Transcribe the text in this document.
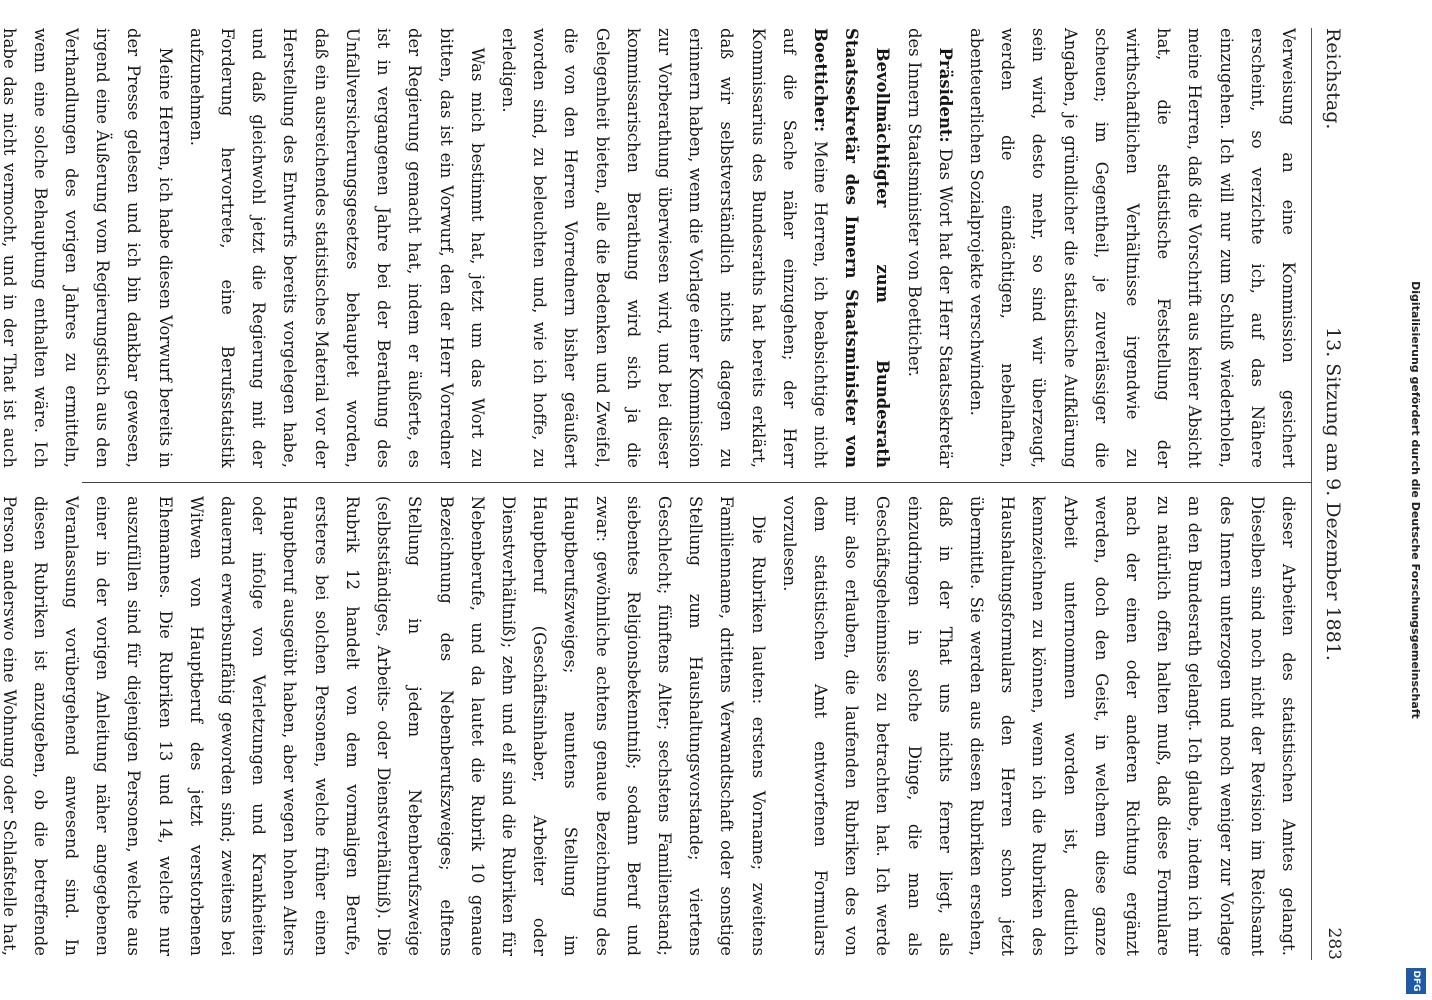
Digitalisierung gefördert durch die Deutsche Forschungsgemeinschaft
DFG
Reichstag.
13. Sitzung am 9. Dezember 1881.
283

Verweisung an eine Kommission gesichert erscheint, so verzichte ich, auf das Nähere einzugehen. Ich will nur zum Schluß wiederholen, meine Herren, daß die Vorschrift aus keiner Absicht hat, die statistische Feststellung der wirthschaftlichen Verhältnisse irgendwie zu scheuen; im Gegentheil, je zuverlässiger die Angaben, je gründlicher die statistische Aufklärung sein wird, desto mehr, so sind wir überzeugt, werden die eindächtigen, nebelhaften, abenteuerlichen Sozialprojekte verschwinden.

Präsident: Das Wort hat der Herr Staatssekretär des Innern Staatsminister von Boetticher.

Bevollmächtigter zum Bundesrath Staatssekretär des Innern Staatsminister von Boetticher: Meine Herren, ich beabsichtige nicht auf die Sache näher einzugehen; der Herr Kommissarius des Bundesraths hat bereits erklärt, daß wir selbstverständlich nichts dagegen zu erinnern haben, wenn die Vorlage einer Kommission zur Vorberathung überwiesen wird, und bei dieser kommissarischen Berathung wird sich ja die Gelegenheit bieten, alle die Bedenken und Zweifel, die von den Herren Vorrednern bisher geäußert worden sind, zu beleuchten und, wie ich hoffe, zu erledigen.

Was mich bestimmt hat, jetzt um das Wort zu bitten, das ist ein Vorwurf, den der Herr Vorredner der Regierung gemacht hat, indem er äußerte, es ist in vergangenen Jahre bei der Berathung des Unfallversicherungsgesetzes behauptet worden, daß ein ausreichendes statistisches Material vor der Herstellung des Entwurfs bereits vorgelegen habe, und daß gleichwohl jetzt die Regierung mit der Forderung hervortrete, eine Berufsstatistik aufzunehmen.

Meine Herren, ich habe diesen Vorwurf bereits in der Presse gelesen und ich bin dankbar gewesen, irgend eine Äußerung vom Regierungstisch aus den Verhandlungen des vorigen Jahres zu ermitteln, wenn eine solche Behauptung enthalten wäre. Ich habe das nicht vermocht, und in der That ist auch

dieser Arbeiten des statistischen Amtes gelangt. Dieselben sind noch nicht der Revision im Reichsamt des Innern unterzogen und noch weniger zur Vorlage an den Bundesrath gelangt. Ich glaube, indem ich mir zu natürlich offen halten muß, daß diese Formulare nach der einen oder anderen Richtung ergänzt werden, doch den Geist, in welchem diese ganze Arbeit unternommen worden ist, deutlich kennzeichnen zu können, wenn ich die Rubriken des Haushaltungsformulars den Herren schon jetzt übermittle. Sie werden aus diesen Rubriken ersehen, daß in der That uns nichts ferner liegt, als einzudringen in solche Dinge, die man als Geschäftsgeheimnisse zu betrachten hat. Ich werde mir also erlauben, die laufenden Rubriken des von dem statistischen Amt entworfenen Formulars vorzulesen.

Die Rubriken lauten: erstens Vorname; zweitens Familienname, drittens Verwandtschaft oder sonstige Stellung zum Haushaltungsvorstande; viertens Geschlecht; fünftens Alter; sechstens Familienstand; siebentes Religionsbekenntniß; sodann Beruf und zwar: gewöhnliche achtens genaue Bezeichnung des Hauptberufszweiges; neuntens Stellung im Hauptberuf (Geschäftsinhaber, Arbeiter oder Dienstverhältniß); zehn und elf sind die Rubriken für Nebenberufe, und da lautet die Rubrik 10 genaue Bezeichnung des Nebenberufszweiges; elftens Stellung in jedem Nebenberufszweige (selbstständiges, Arbeits- oder Dienstverhältniß). Die Rubrik 12 handelt von dem vormaligen Berufe, ersteres bei solchen Personen, welche früher einen Hauptberuf ausgeübt haben, aber wegen hohen Alters oder infolge von Verletzungen und Krankheiten dauernd erwerbsunfähig geworden sind; zweitens bei Witwen von Hauptberuf des jetzt verstorbenen Ehemannes. Die Rubriken 13 und 14, welche nur auszufüllen sind für diejenigen Personen, welche aus einer in der vorigen Anleitung näher angegebenen Veranlassung vorübergehend anwesend sind. In diesen Rubriken ist anzugeben, ob die betreffende Person anderswo eine Wohnung oder Schlafstelle hat,
